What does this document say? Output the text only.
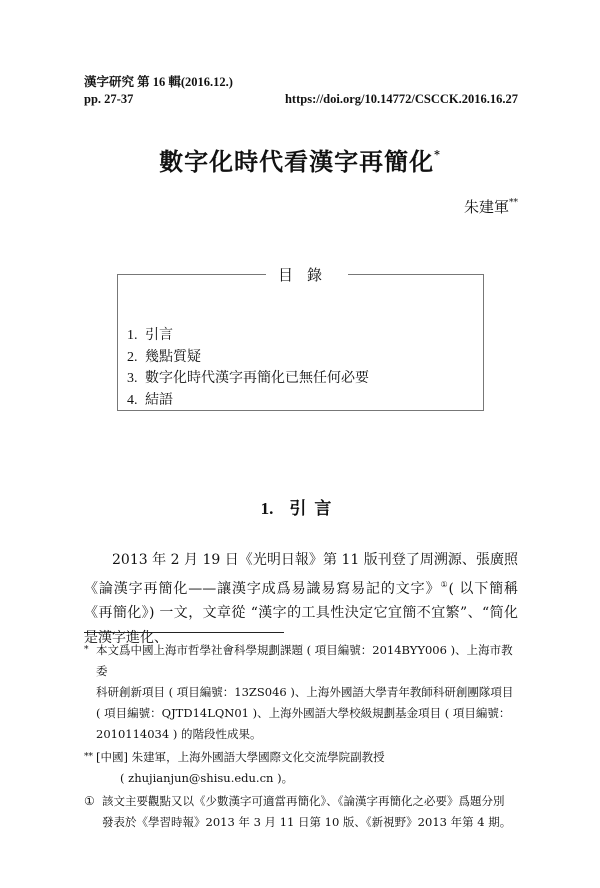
漢字研究 第 16 輯(2016.12.)
pp. 27-37	https://doi.org/10.14772/CSCCK.2016.16.27
數字化時代看漢字再簡化*
朱建軍**
目錄
1. 引言
2. 幾點質疑
3. 數字化時代漢字再簡化已無任何必要
4. 結語
1. 引言

2013 年 2 月 19 日《光明日報》第 11 版刊登了周溯源、張廣照《論漢字再簡化——讓漢字成爲易識易寫易記的文字》①( 以下簡稱《再簡化》) 一文，文章從 “漢字的工具性決定它宜簡不宜繁”、“简化是漢字進化、

* 本文爲中國上海市哲學社會科學規劃課題 ( 項目編號：2014BYY006 )、上海市教委
科研創新項目 ( 項目編號：13ZS046 )、上海外國語大學青年教師科研創團隊項目
( 項目編號：QJTD14LQN01 )、上海外國語大學校級規劃基金項目 ( 項目編號：
2010114034 ) 的階段性成果。
** [中國] 朱建軍，上海外國語大學國際文化交流學院副教授
( zhujianjun@shisu.edu.cn )。
① 該文主要觀點又以《少數漢字可適當再簡化》、《論漢字再簡化之必要》爲題分別
發表於《學習時報》2013 年 3 月 11 日第 10 版、《新視野》2013 年第 4 期。
